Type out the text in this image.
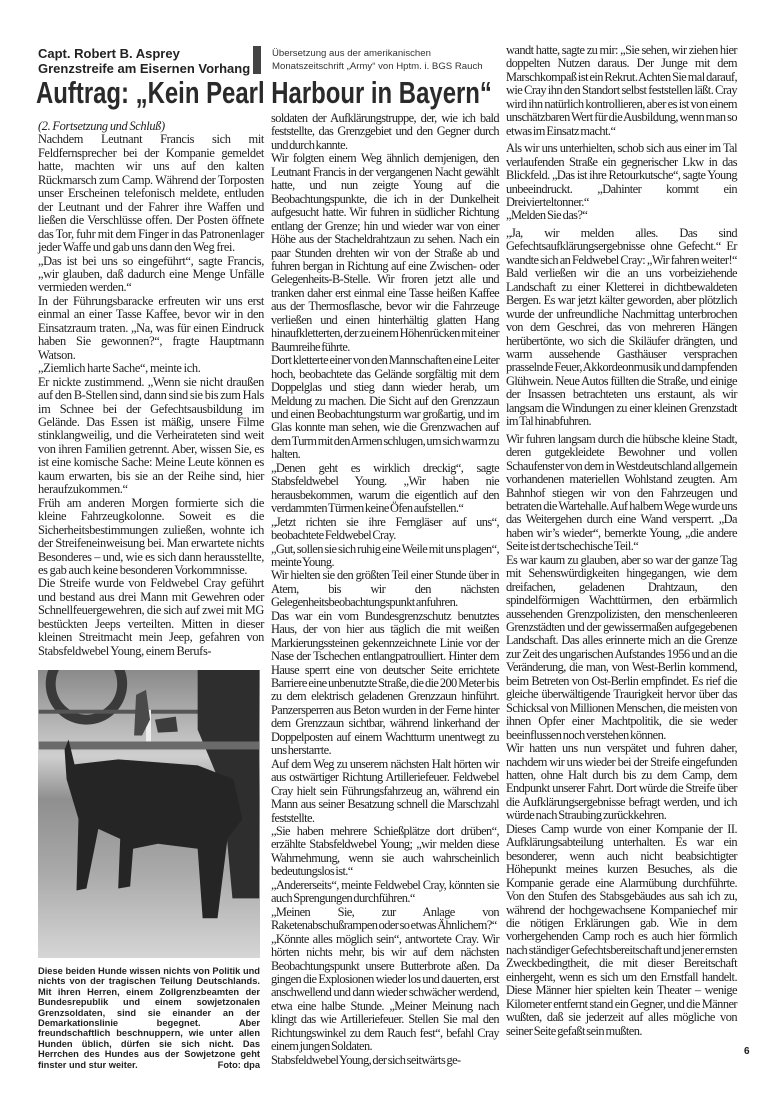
Capt. Robert B. Asprey
Grenzstreife am Eisernen Vorhang
Übersetzung aus der amerikanischen Monatszeitschrift „Army“ von Hptm. i. BGS Rauch
Auftrag: „Kein Pearl Harbour in Bayern“

(2. Fortsetzung und Schluß)

Nachdem Leutnant Francis sich mit Feldfernsprecher bei der Kompanie gemeldet hatte, machten wir uns auf den kalten Rückmarsch zum Camp. Während der Torposten unser Erscheinen telefonisch meldete, entluden der Leutnant und der Fahrer ihre Waffen und ließen die Verschlüsse offen. Der Posten öffnete das Tor, fuhr mit dem Finger in das Patronenlager jeder Waffe und gab uns dann den Weg frei.

„Das ist bei uns so eingeführt“, sagte Francis, „wir glauben, daß dadurch eine Menge Unfälle vermieden werden.“

In der Führungsbaracke erfreuten wir uns erst einmal an einer Tasse Kaffee, bevor wir in den Einsatzraum traten. „Na, was für einen Eindruck haben Sie gewonnen?“, fragte Hauptmann Watson.

„Ziemlich harte Sache“, meinte ich.

Er nickte zustimmend. „Wenn sie nicht draußen auf den B-Stellen sind, dann sind sie bis zum Hals im Schnee bei der Gefechtsausbildung im Gelände. Das Essen ist mäßig, unsere Filme stinklangweilig, und die Verheirateten sind weit von ihren Familien getrennt. Aber, wissen Sie, es ist eine komische Sache: Meine Leute können es kaum erwarten, bis sie an der Reihe sind, hier heraufzukommen.“

Früh am anderen Morgen formierte sich die kleine Fahrzeugkolonne. Soweit es die Sicherheitsbestimmungen zuließen, wohnte ich der Streifeneinweisung bei. Man erwartete nichts Besonderes – und, wie es sich dann herausstellte, es gab auch keine besonderen Vorkommnisse.

Die Streife wurde von Feldwebel Cray geführt und bestand aus drei Mann mit Gewehren oder Schnellfeuergewehren, die sich auf zwei mit MG bestückten Jeeps verteilten. Mitten in dieser kleinen Streitmacht mein Jeep, gefahren von Stabsfeldwebel Young, einem Berufs-

Diese beiden Hunde wissen nichts von Politik und nichts von der tragischen Teilung Deutschlands. Mit ihren Herren, einem Zollgrenzbeamten der Bundesrepublik und einem sowjetzonalen Grenzsoldaten, sind sie einander an der Demarkationslinie begegnet. Aber freundschaftlich beschnuppern, wie unter allen Hunden üblich, dürfen sie sich nicht. Das Herrchen des Hundes aus der Sowjetzone geht finster und stur weiter.	Foto: dpa

soldaten der Aufklärungstruppe, der, wie ich bald feststellte, das Grenzgebiet und den Gegner durch und durch kannte.

Wir folgten einem Weg ähnlich demjenigen, den Leutnant Francis in der vergangenen Nacht gewählt hatte, und nun zeigte Young auf die Beobachtungspunkte, die ich in der Dunkelheit aufgesucht hatte. Wir fuhren in südlicher Richtung entlang der Grenze; hin und wieder war von einer Höhe aus der Stacheldrahtzaun zu sehen. Nach ein paar Stunden drehten wir von der Straße ab und fuhren bergan in Richtung auf eine Zwischen- oder Gelegenheits-B-Stelle. Wir froren jetzt alle und tranken daher erst einmal eine Tasse heißen Kaffee aus der Thermosflasche, bevor wir die Fahrzeuge verließen und einen hinterhältig glatten Hang hinaufkletterten, der zu einem Höhenrücken mit einer Baumreihe führte.

Dort kletterte einer von den Mannschaften eine Leiter hoch, beobachtete das Gelände sorgfältig mit dem Doppelglas und stieg dann wieder herab, um Meldung zu machen. Die Sicht auf den Grenzzaun und einen Beobachtungsturm war großartig, und im Glas konnte man sehen, wie die Grenzwachen auf dem Turm mit den Armen schlugen, um sich warm zu halten.

„Denen geht es wirklich dreckig“, sagte Stabsfeldwebel Young. „Wir haben nie herausbekommen, warum die eigentlich auf den verdammten Türmen keine Öfen aufstellen.“

„Jetzt richten sie ihre Ferngläser auf uns“, beobachtete Feldwebel Cray.

„Gut, sollen sie sich ruhig eine Weile mit uns plagen“, meinte Young.

Wir hielten sie den größten Teil einer Stunde über in Atem, bis wir den nächsten Gelegenheitsbeobachtungspunkt anfuhren.

Das war ein vom Bundesgrenzschutz benutztes Haus, der von hier aus täglich die mit weißen Markierungssteinen gekennzeichnete Linie vor der Nase der Tschechen entlangpatroulliert. Hinter dem Hause sperrt eine von deutscher Seite errichtete Barriere eine unbenutzte Straße, die die 200 Meter bis zu dem elektrisch geladenen Grenzzaun hinführt. Panzersperren aus Beton wurden in der Ferne hinter dem Grenzzaun sichtbar, während linkerhand der Doppelposten auf einem Wachtturm unentwegt zu uns herstarrte.

Auf dem Weg zu unserem nächsten Halt hörten wir aus ostwärtiger Richtung Artilleriefeuer. Feldwebel Cray hielt sein Führungsfahrzeug an, während ein Mann aus seiner Besatzung schnell die Marschzahl feststellte.

„Sie haben mehrere Schießplätze dort drüben“, erzählte Stabsfeldwebel Young; „wir melden diese Wahrnehmung, wenn sie auch wahrscheinlich bedeutungslos ist.“

„Andererseits“, meinte Feldwebel Cray, könnten sie auch Sprengungen durchführen.“

„Meinen Sie, zur Anlage von Raketenabschußrampen oder so etwas Ähnlichem?“

„Könnte alles möglich sein“, antwortete Cray. Wir hörten nichts mehr, bis wir auf dem nächsten Beobachtungspunkt unsere Butterbrote aßen. Da gingen die Explosionen wieder los und dauerten, erst anschwellend und dann wieder schwächer werdend, etwa eine halbe Stunde. „Meiner Meinung nach klingt das wie Artilleriefeuer. Stellen Sie mal den Richtungswinkel zu dem Rauch fest“, befahl Cray einem jungen Soldaten.

Stabsfeldwebel Young, der sich seitwärts ge-

wandt hatte, sagte zu mir: „Sie sehen, wir ziehen hier doppelten Nutzen daraus. Der Junge mit dem Marschkompaß ist ein Rekrut. Achten Sie mal darauf, wie Cray ihn den Standort selbst feststellen läßt. Cray wird ihn natürlich kontrollieren, aber es ist von einem unschätzbaren Wert für die Ausbildung, wenn man so etwas im Einsatz macht.“

Als wir uns unterhielten, schob sich aus einer im Tal verlaufenden Straße ein gegnerischer Lkw in das Blickfeld. „Das ist ihre Retourkutsche“, sagte Young unbeeindruckt. „Dahinter kommt ein Dreivierteltonner.“

„Melden Sie das?“

„Ja, wir melden alles. Das sind Gefechtsaufklärungsergebnisse ohne Gefecht.“ Er wandte sich an Feldwebel Cray: „Wir fahren weiter!“ Bald verließen wir die an uns vorbeiziehende Landschaft zu einer Kletterei in dichtbewaldeten Bergen. Es war jetzt kälter geworden, aber plötzlich wurde der unfreundliche Nachmittag unterbrochen von dem Geschrei, das von mehreren Hängen herübertönte, wo sich die Skiläufer drängten, und warm aussehende Gasthäuser versprachen prasselnde Feuer, Akkordeonmusik und dampfenden Glühwein. Neue Autos füllten die Straße, und einige der Insassen betrachteten uns erstaunt, als wir langsam die Windungen zu einer kleinen Grenzstadt im Tal hinabfuhren.

Wir fuhren langsam durch die hübsche kleine Stadt, deren gutgekleidete Bewohner und vollen Schaufenster von dem in Westdeutschland allgemein vorhandenen materiellen Wohlstand zeugten. Am Bahnhof stiegen wir von den Fahrzeugen und betraten die Wartehalle. Auf halbem Wege wurde uns das Weitergehen durch eine Wand versperrt. „Da haben wir’s wieder“, bemerkte Young, „die andere Seite ist der tschechische Teil.“

Es war kaum zu glauben, aber so war der ganze Tag mit Sehenswürdigkeiten hingegangen, wie dem dreifachen, geladenen Drahtzaun, den spindelförmigen Wachttürmen, den erbärmlich aussehenden Grenzpolizisten, den menschenleeren Grenzstädten und der gewissermaßen aufgegebenen Landschaft. Das alles erinnerte mich an die Grenze zur Zeit des ungarischen Aufstandes 1956 und an die Veränderung, die man, von West-Berlin kommend, beim Betreten von Ost-Berlin empfindet. Es rief die gleiche überwältigende Traurigkeit hervor über das Schicksal von Millionen Menschen, die meisten von ihnen Opfer einer Machtpolitik, die sie weder beeinflussen noch verstehen können.

Wir hatten uns nun verspätet und fuhren daher, nachdem wir uns wieder bei der Streife eingefunden hatten, ohne Halt durch bis zu dem Camp, dem Endpunkt unserer Fahrt. Dort würde die Streife über die Aufklärungsergebnisse befragt werden, und ich würde nach Straubing zurückkehren.

Dieses Camp wurde von einer Kompanie der II. Aufklärungsabteilung unterhalten. Es war ein besonderer, wenn auch nicht beabsichtigter Höhepunkt meines kurzen Besuches, als die Kompanie gerade eine Alarmübung durchführte. Von den Stufen des Stabsgebäudes aus sah ich zu, während der hochgewachsene Kompaniechef mir die nötigen Erklärungen gab. Wie in dem vorhergehenden Camp roch es auch hier förmlich nach ständiger Gefechtsbereitschaft und jener ernsten Zweckbedingtheit, die mit dieser Bereitschaft einhergeht, wenn es sich um den Ernstfall handelt. Diese Männer hier spielten kein Theater – wenige Kilometer entfernt stand ein Gegner, und die Männer wußten, daß sie jederzeit auf alles mögliche von seiner Seite gefaßt sein mußten.

6
